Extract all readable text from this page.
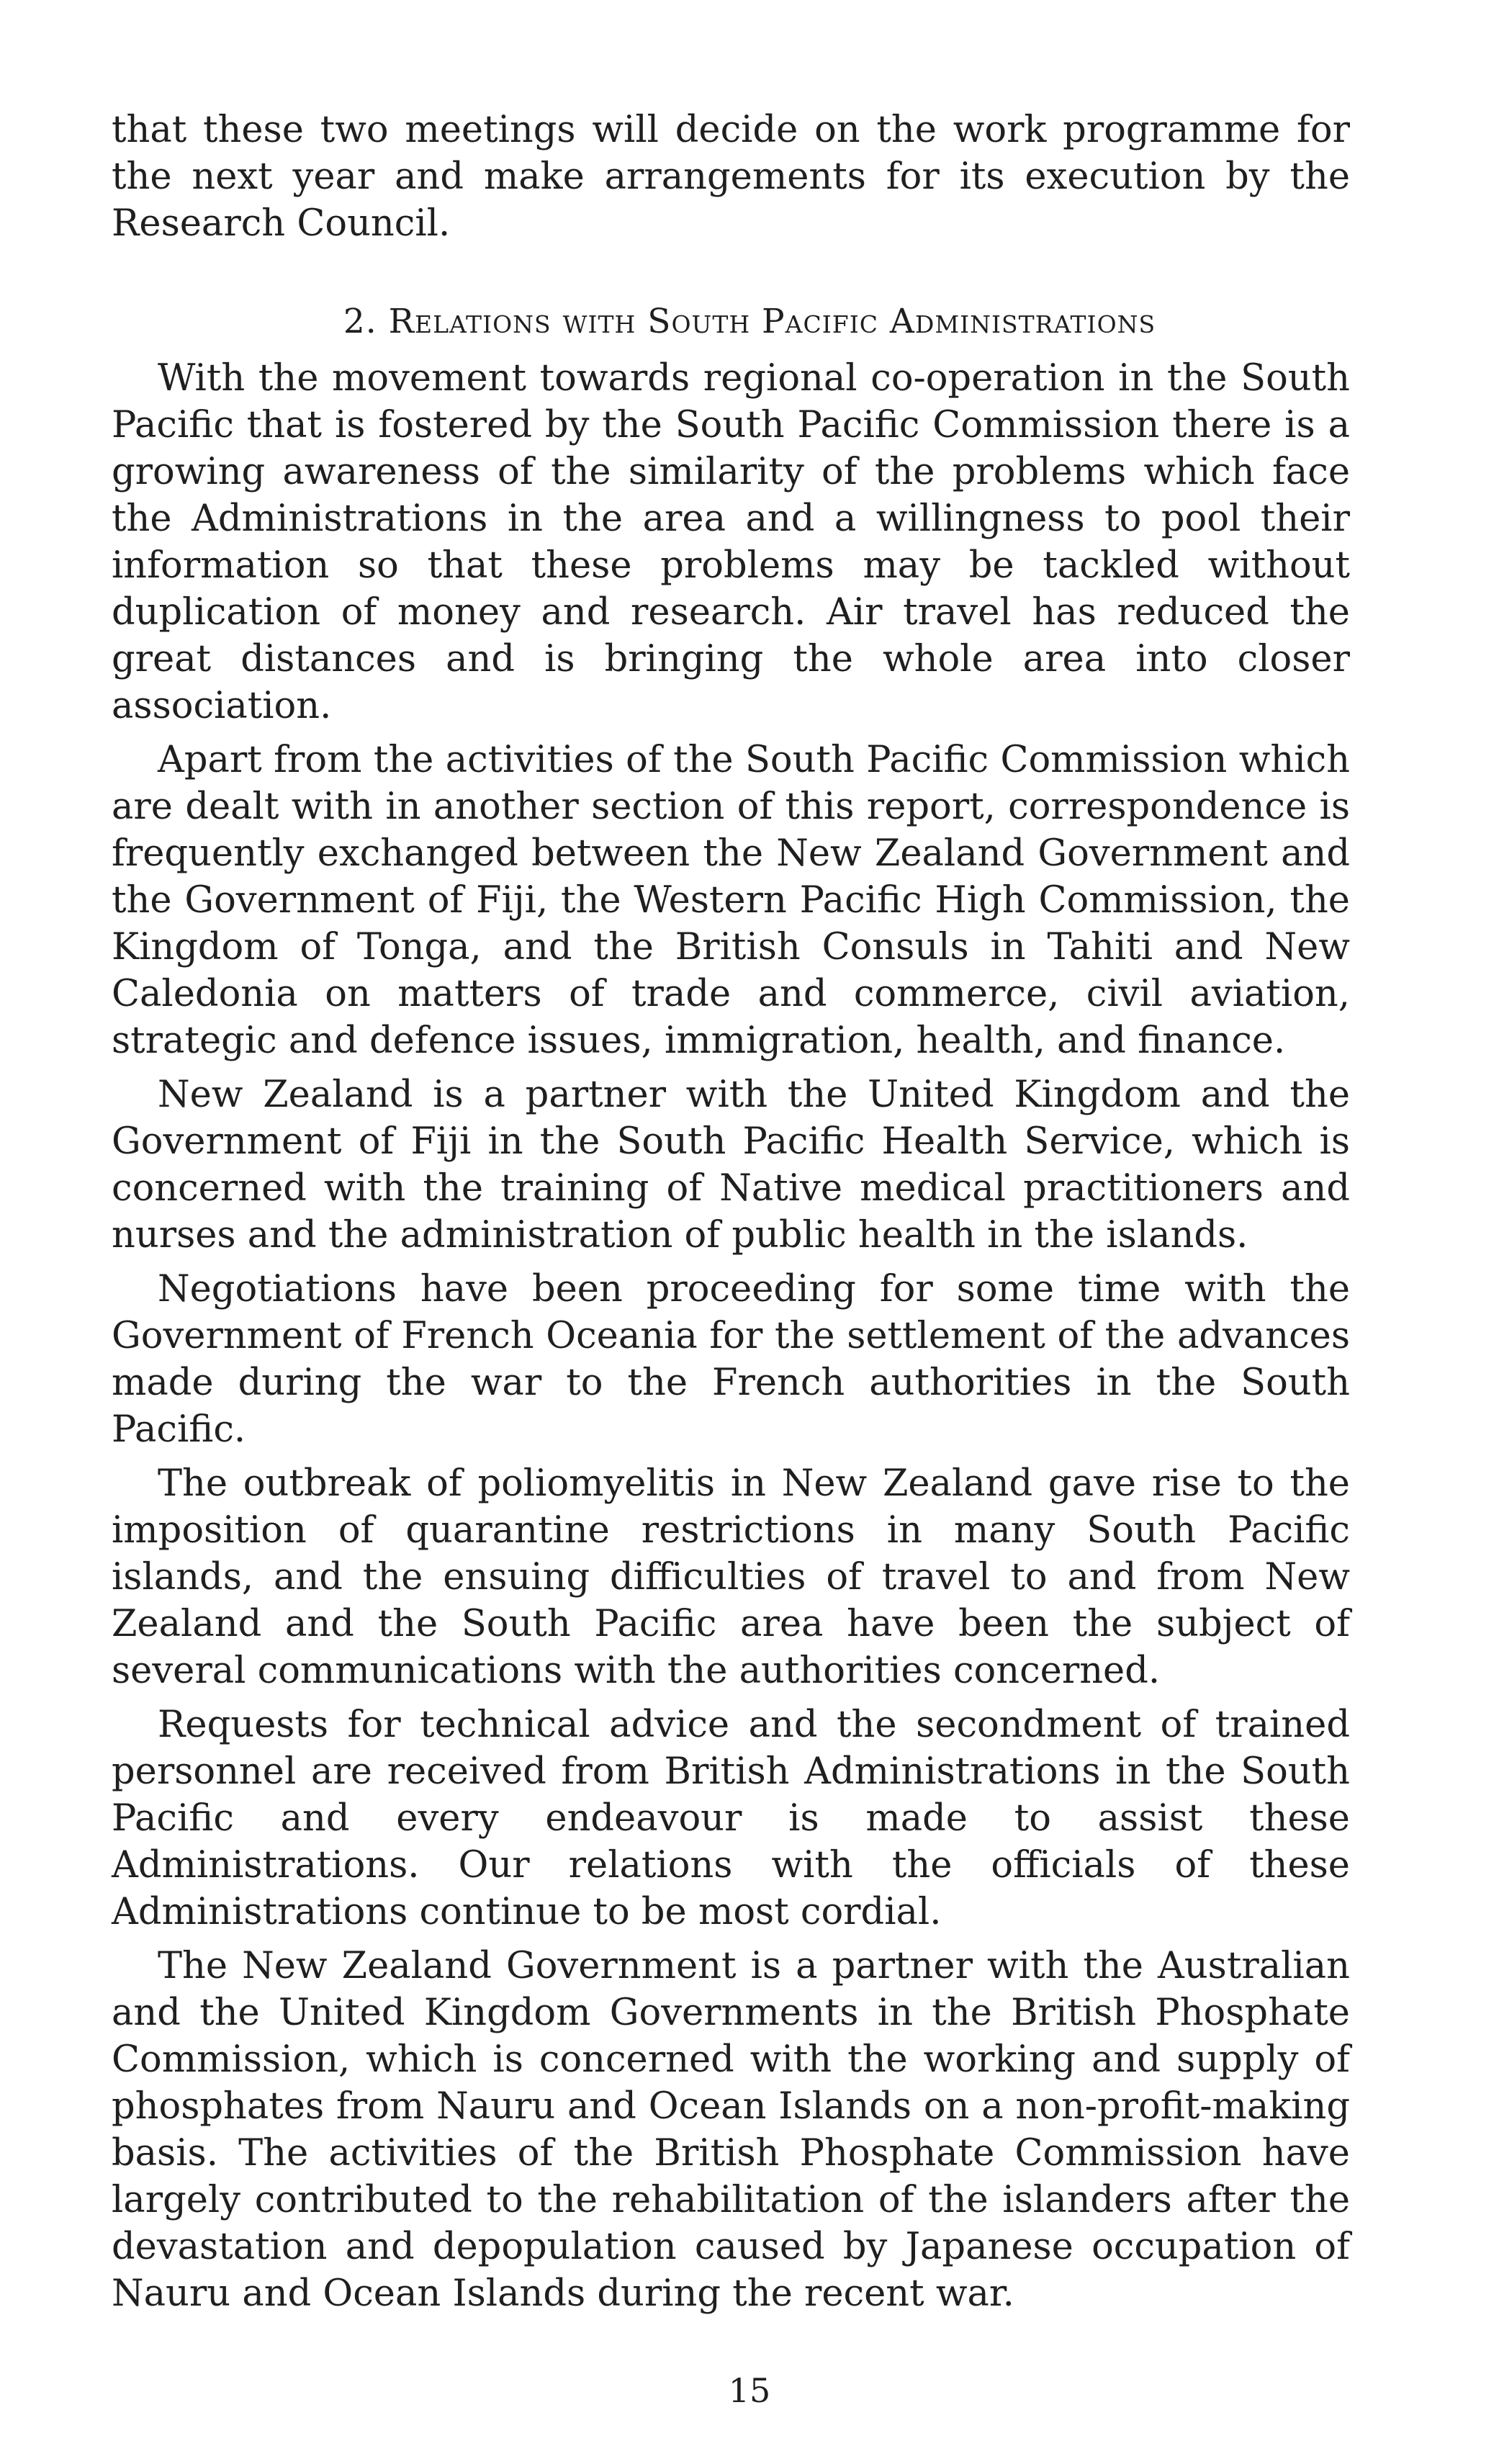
that these two meetings will decide on the work programme for the next year and make arrangements for its execution by the Research Council.

2. Relations with South Pacific Administrations

With the movement towards regional co-operation in the South Pacific that is fostered by the South Pacific Commission there is a growing awareness of the similarity of the problems which face the Administrations in the area and a willingness to pool their information so that these problems may be tackled without duplication of money and research. Air travel has reduced the great distances and is bringing the whole area into closer association.

Apart from the activities of the South Pacific Commission which are dealt with in another section of this report, correspondence is frequently exchanged between the New Zealand Government and the Government of Fiji, the Western Pacific High Commission, the Kingdom of Tonga, and the British Consuls in Tahiti and New Caledonia on matters of trade and commerce, civil aviation, strategic and defence issues, immigration, health, and finance.

New Zealand is a partner with the United Kingdom and the Government of Fiji in the South Pacific Health Service, which is concerned with the training of Native medical practitioners and nurses and the administration of public health in the islands.

Negotiations have been proceeding for some time with the Government of French Oceania for the settlement of the advances made during the war to the French authorities in the South Pacific.

The outbreak of poliomyelitis in New Zealand gave rise to the imposition of quarantine restrictions in many South Pacific islands, and the ensuing difficulties of travel to and from New Zealand and the South Pacific area have been the subject of several communications with the authorities concerned.

Requests for technical advice and the secondment of trained personnel are received from British Administrations in the South Pacific and every endeavour is made to assist these Administrations. Our relations with the officials of these Administrations continue to be most cordial.

The New Zealand Government is a partner with the Australian and the United Kingdom Governments in the British Phosphate Commission, which is concerned with the working and supply of phosphates from Nauru and Ocean Islands on a non-profit-making basis. The activities of the British Phosphate Commission have largely contributed to the rehabilitation of the islanders after the devastation and depopulation caused by Japanese occupation of Nauru and Ocean Islands during the recent war.

15
